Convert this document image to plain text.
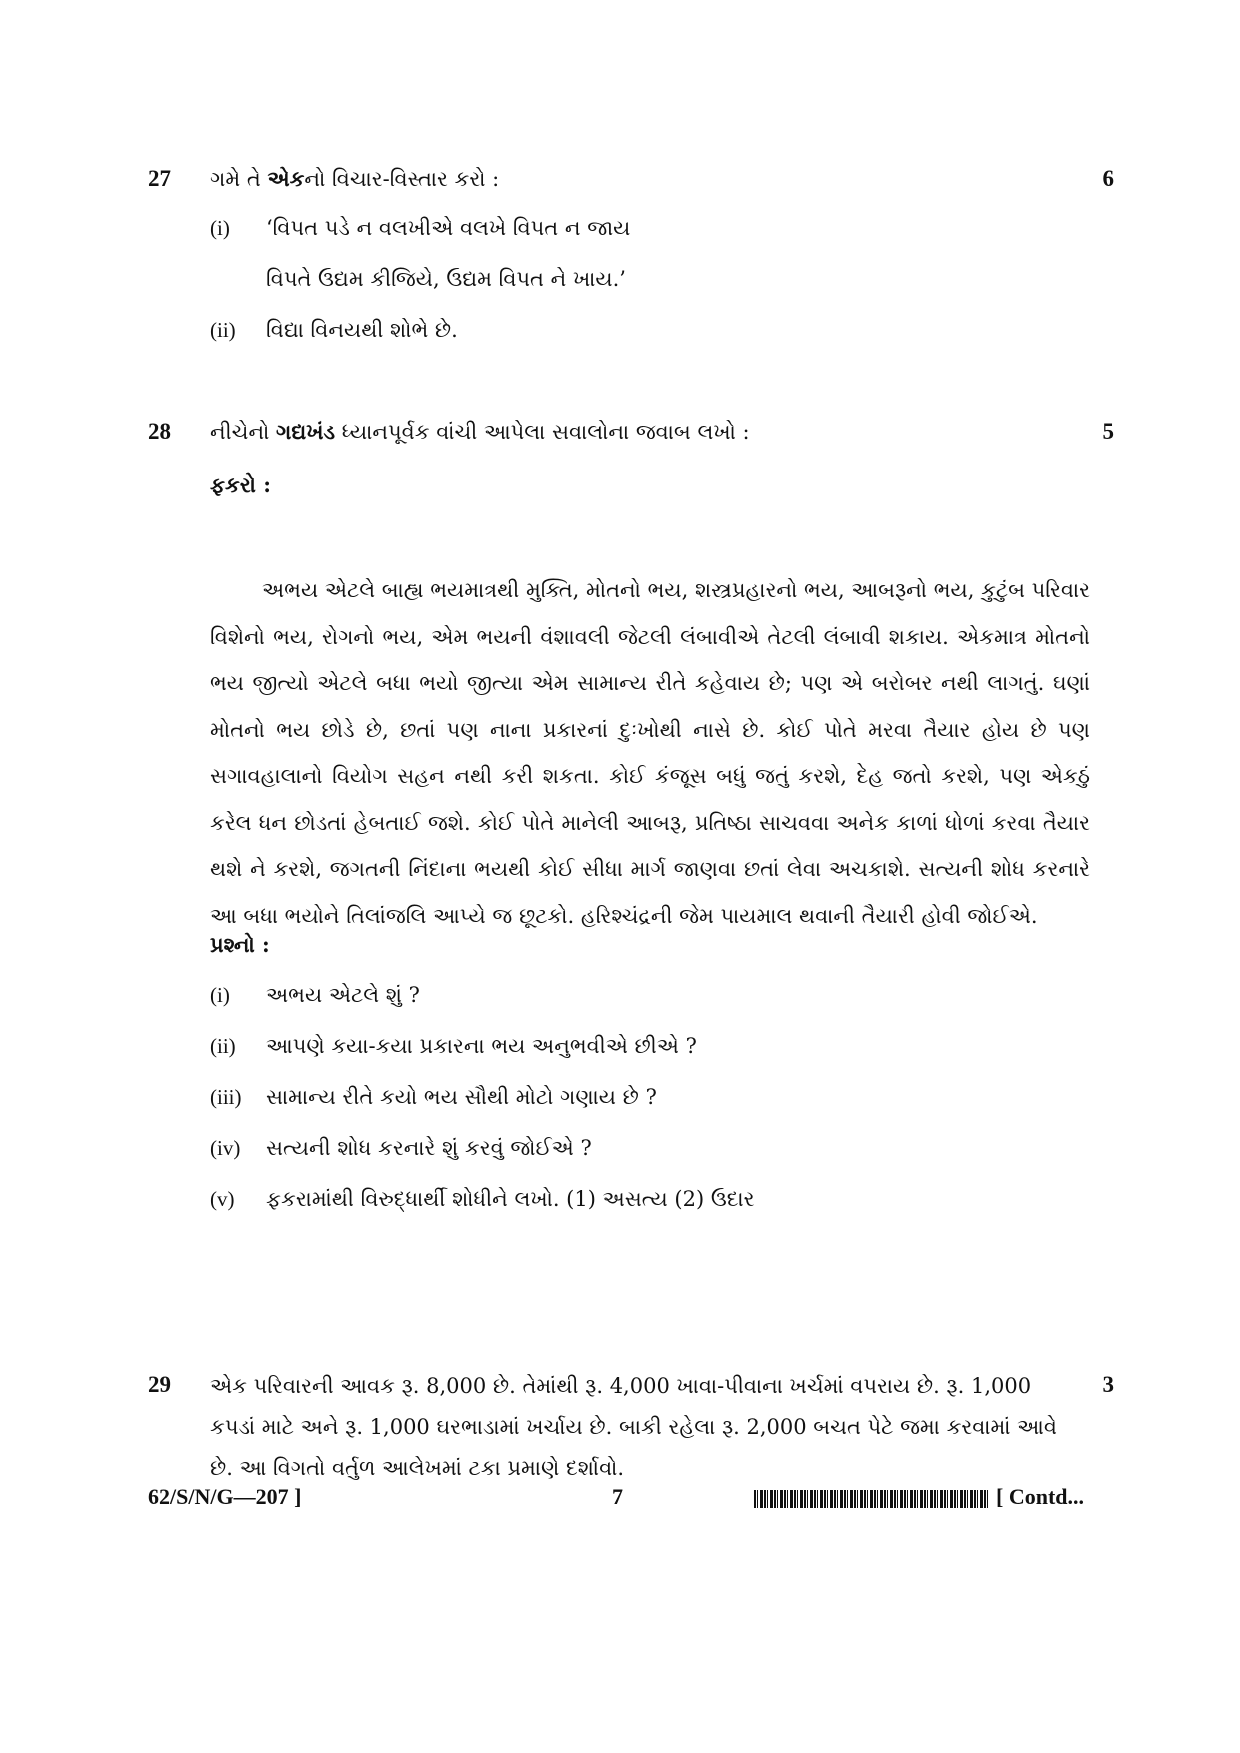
27 ગમે તે એકનો વિચાર-વિસ્તાર કરો :	6
(i) ‘વિપત પડે ન વલખીએ વલખે વિપત ન જાય
વિપતે ઉદ્યમ કીજિયે, ઉદ્યમ વિપત ને ખાય.’
(ii) વિદ્યા વિનયથી શોભે છે.
28 નીચેનો ગદ્યખંડ ધ્યાનપૂર્વક વાંચી આપેલા સવાલોના જવાબ લખો :	5
ફકરો :

અભય એટલે બાહ્ય ભયમાત્રથી મુક્તિ, મોતનો ભય, શસ્ત્રપ્રહારનો ભય, આબરૂનો ભય, કુટુંબ પરિવાર વિશેનો ભય, રોગનો ભય, એમ ભયની વંશાવલી જેટલી લંબાવીએ તેટલી લંબાવી શકાય. એકમાત્ર મોતનો ભય જીત્યો એટલે બધા ભયો જીત્યા એમ સામાન્ય રીતે કહેવાય છે; પણ એ બરોબર નથી લાગતું. ઘણાં મોતનો ભય છોડે છે, છતાં પણ નાના પ્રકારનાં દુઃખોથી નાસે છે. કોઈ પોતે મરવા તૈયાર હોય છે પણ સગાવહાલાનો વિયોગ સહન નથી કરી શકતા. કોઈ કંજૂસ બધું જતું કરશે, દેહ જતો કરશે, પણ એકઠું કરેલ ધન છોડતાં હેબતાઈ જશે. કોઈ પોતે માનેલી આબરૂ, પ્રતિષ્ઠા સાચવવા અનેક કાળાં ધોળાં કરવા તૈયાર થશે ને કરશે, જગતની નિંદાના ભયથી કોઈ સીધા માર્ગ જાણવા છતાં લેવા અચકાશે. સત્યની શોધ કરનારે આ બધા ભયોને તિલાંજલિ આપ્યે જ છૂટકો. હરિશ્ચંદ્રની જેમ પાયમાલ થવાની તૈયારી હોવી જોઈએ.

પ્રશ્નો :
(i) અભય એટલે શું ?
(ii) આપણે કયા-કયા પ્રકારના ભય અનુભવીએ છીએ ?
(iii) સામાન્ય રીતે કયો ભય સૌથી મોટો ગણાય છે ?
(iv) સત્યની શોધ કરનારે શું કરવું જોઈએ ?
(v) ફકરામાંથી વિરુદ્ધાર્થી શોધીને લખો. (1) અસત્ય (2) ઉદાર
29 એક પરિવારની આવક રૂ. 8,000 છે. તેમાંથી રૂ. 4,000 ખાવા-પીવાના ખર્ચમાં વપરાય છે. રૂ. 1,000 કપડાં માટે અને રૂ. 1,000 ઘરભાડામાં ખર્ચાય છે. બાકી રહેલા રૂ. 2,000 બચત પેટે જમા કરવામાં આવે છે. આ વિગતો વર્તુળ આલેખમાં ટકા પ્રમાણે દર્શાવો.

3
62/S/N/G—207 ]	7	[ Contd...
